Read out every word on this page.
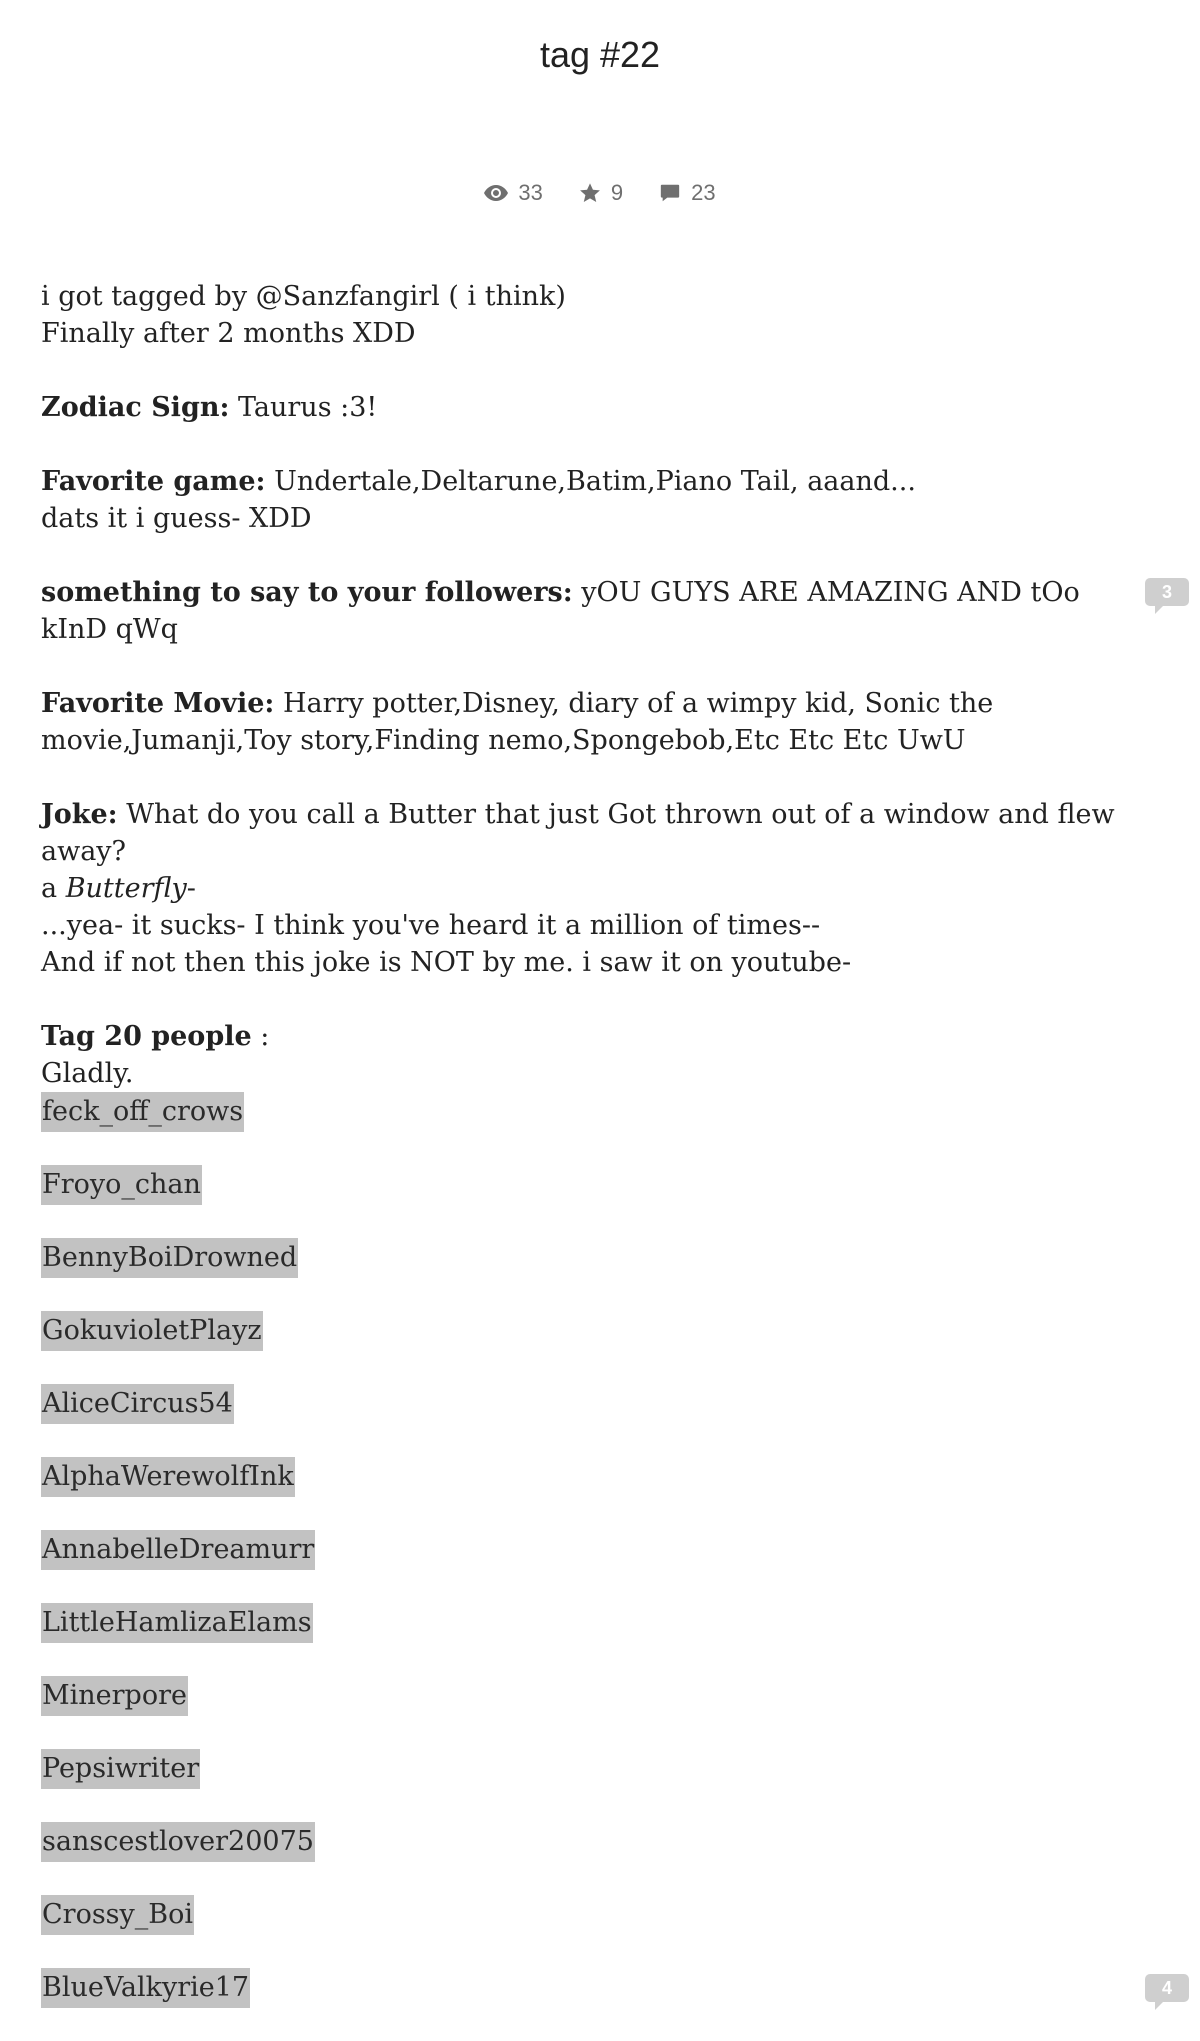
tag #22
33	9	23

i got tagged by @Sanzfangirl ( i think)

Finally after 2 months XDD

Zodiac Sign: Taurus :3!

Favorite game: Undertale,Deltarune,Batim,Piano Tail, aaand...

dats it i guess- XDD

something to say to your followers: yOU GUYS ARE AMAZING AND tOo kInD qWq

3

Favorite Movie: Harry potter,Disney, diary of a wimpy kid, Sonic the

movie,Jumanji,Toy story,Finding nemo,Spongebob,Etc Etc Etc UwU

Joke: What do you call a Butter that just Got thrown out of a window and flew away?

a Butterfly-

...yea- it sucks- I think you've heard it a million of times--

And if not then this joke is NOT by me. i saw it on youtube-

Tag 20 people :

Gladly.

feck_off_crows
Froyo_chan
BennyBoiDrowned
GokuvioletPlayz
AliceCircus54
AlphaWerewolfInk
AnnabelleDreamurr
LittleHamlizaElams
Minerpore
Pepsiwriter
sanscestlover20075
Crossy_Boi
BlueValkyrie17	4
